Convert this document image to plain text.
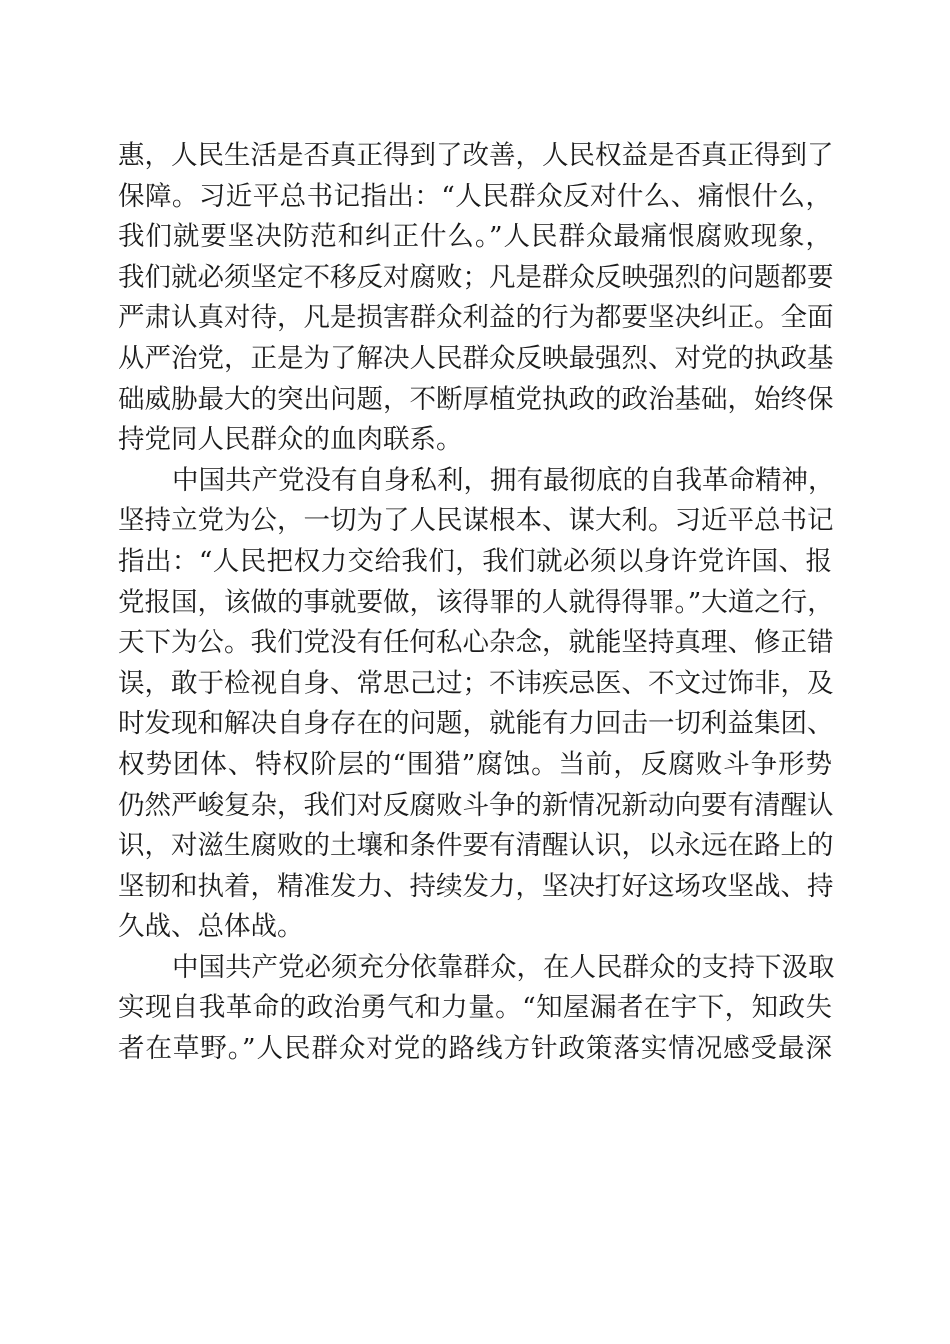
惠，人民生活是否真正得到了改善，人民权益是否真正得到了
保障。习近平总书记指出：“人民群众反对什么、痛恨什么，
我们就要坚决防范和纠正什么。”人民群众最痛恨腐败现象，
我们就必须坚定不移反对腐败；凡是群众反映强烈的问题都要
严肃认真对待，凡是损害群众利益的行为都要坚决纠正。全面
从严治党，正是为了解决人民群众反映最强烈、对党的执政基
础威胁最大的突出问题，不断厚植党执政的政治基础，始终保
持党同人民群众的血肉联系。
中国共产党没有自身私利，拥有最彻底的自我革命精神，
坚持立党为公，一切为了人民谋根本、谋大利。习近平总书记
指出：“人民把权力交给我们，我们就必须以身许党许国、报
党报国，该做的事就要做，该得罪的人就得得罪。”大道之行，
天下为公。我们党没有任何私心杂念，就能坚持真理、修正错
误，敢于检视自身、常思己过；不讳疾忌医、不文过饰非，及
时发现和解决自身存在的问题，就能有力回击一切利益集团、
权势团体、特权阶层的“围猎”腐蚀。当前，反腐败斗争形势
仍然严峻复杂，我们对反腐败斗争的新情况新动向要有清醒认
识，对滋生腐败的土壤和条件要有清醒认识，以永远在路上的
坚韧和执着，精准发力、持续发力，坚决打好这场攻坚战、持
久战、总体战。
中国共产党必须充分依靠群众，在人民群众的支持下汲取
实现自我革命的政治勇气和力量。“知屋漏者在宇下，知政失
者在草野。”人民群众对党的路线方针政策落实情况感受最深
